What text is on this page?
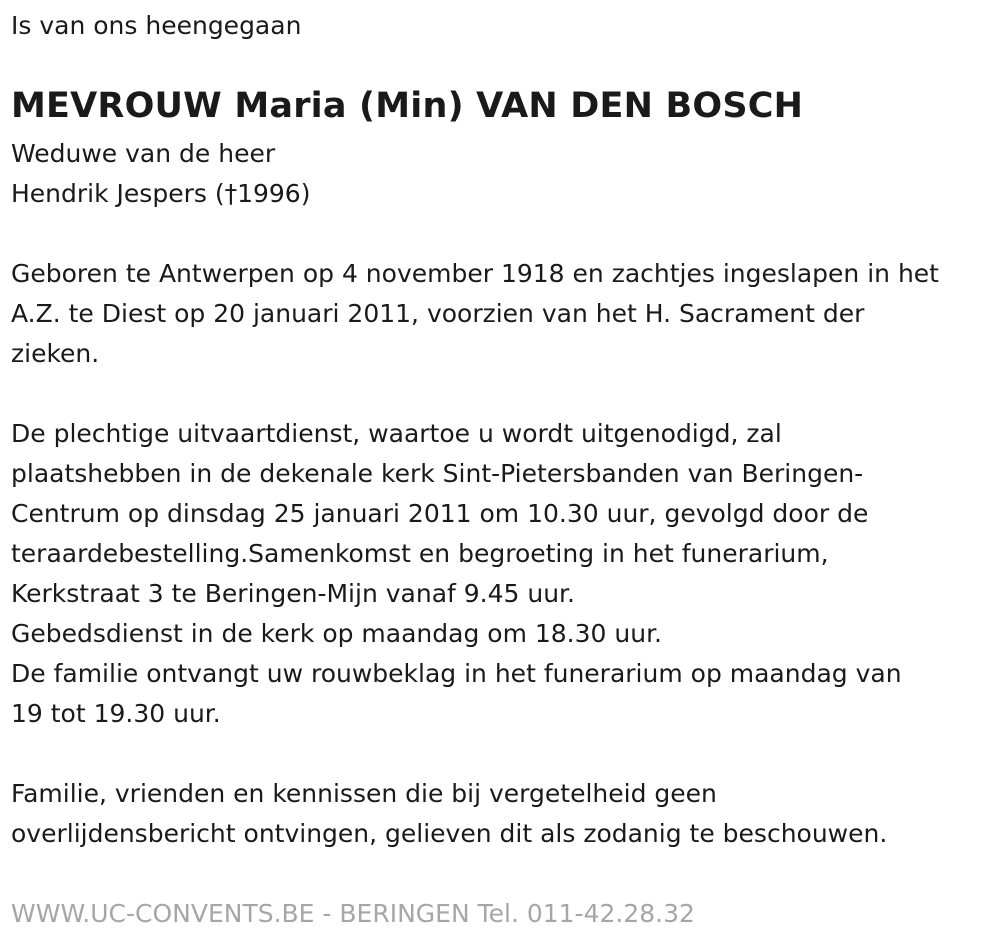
Is van ons heengegaan

MEVROUW Maria (Min) VAN DEN BOSCH

Weduwe van de heer

Hendrik Jespers (†1996)

Geboren te Antwerpen op 4 november 1918 en zachtjes ingeslapen in het

A.Z. te Diest op 20 januari 2011, voorzien van het H. Sacrament der

zieken.

De plechtige uitvaartdienst, waartoe u wordt uitgenodigd, zal

plaatshebben in de dekenale kerk Sint-Pietersbanden van Beringen-

Centrum op dinsdag 25 januari 2011 om 10.30 uur, gevolgd door de

teraardebestelling.Samenkomst en begroeting in het funerarium,

Kerkstraat 3 te Beringen-Mijn vanaf 9.45 uur.

Gebedsdienst in de kerk op maandag om 18.30 uur.

De familie ontvangt uw rouwbeklag in het funerarium op maandag van

19 tot 19.30 uur.

Familie, vrienden en kennissen die bij vergetelheid geen

overlijdensbericht ontvingen, gelieven dit als zodanig te beschouwen.

WWW.UC-CONVENTS.BE - BERINGEN Tel. 011-42.28.32
